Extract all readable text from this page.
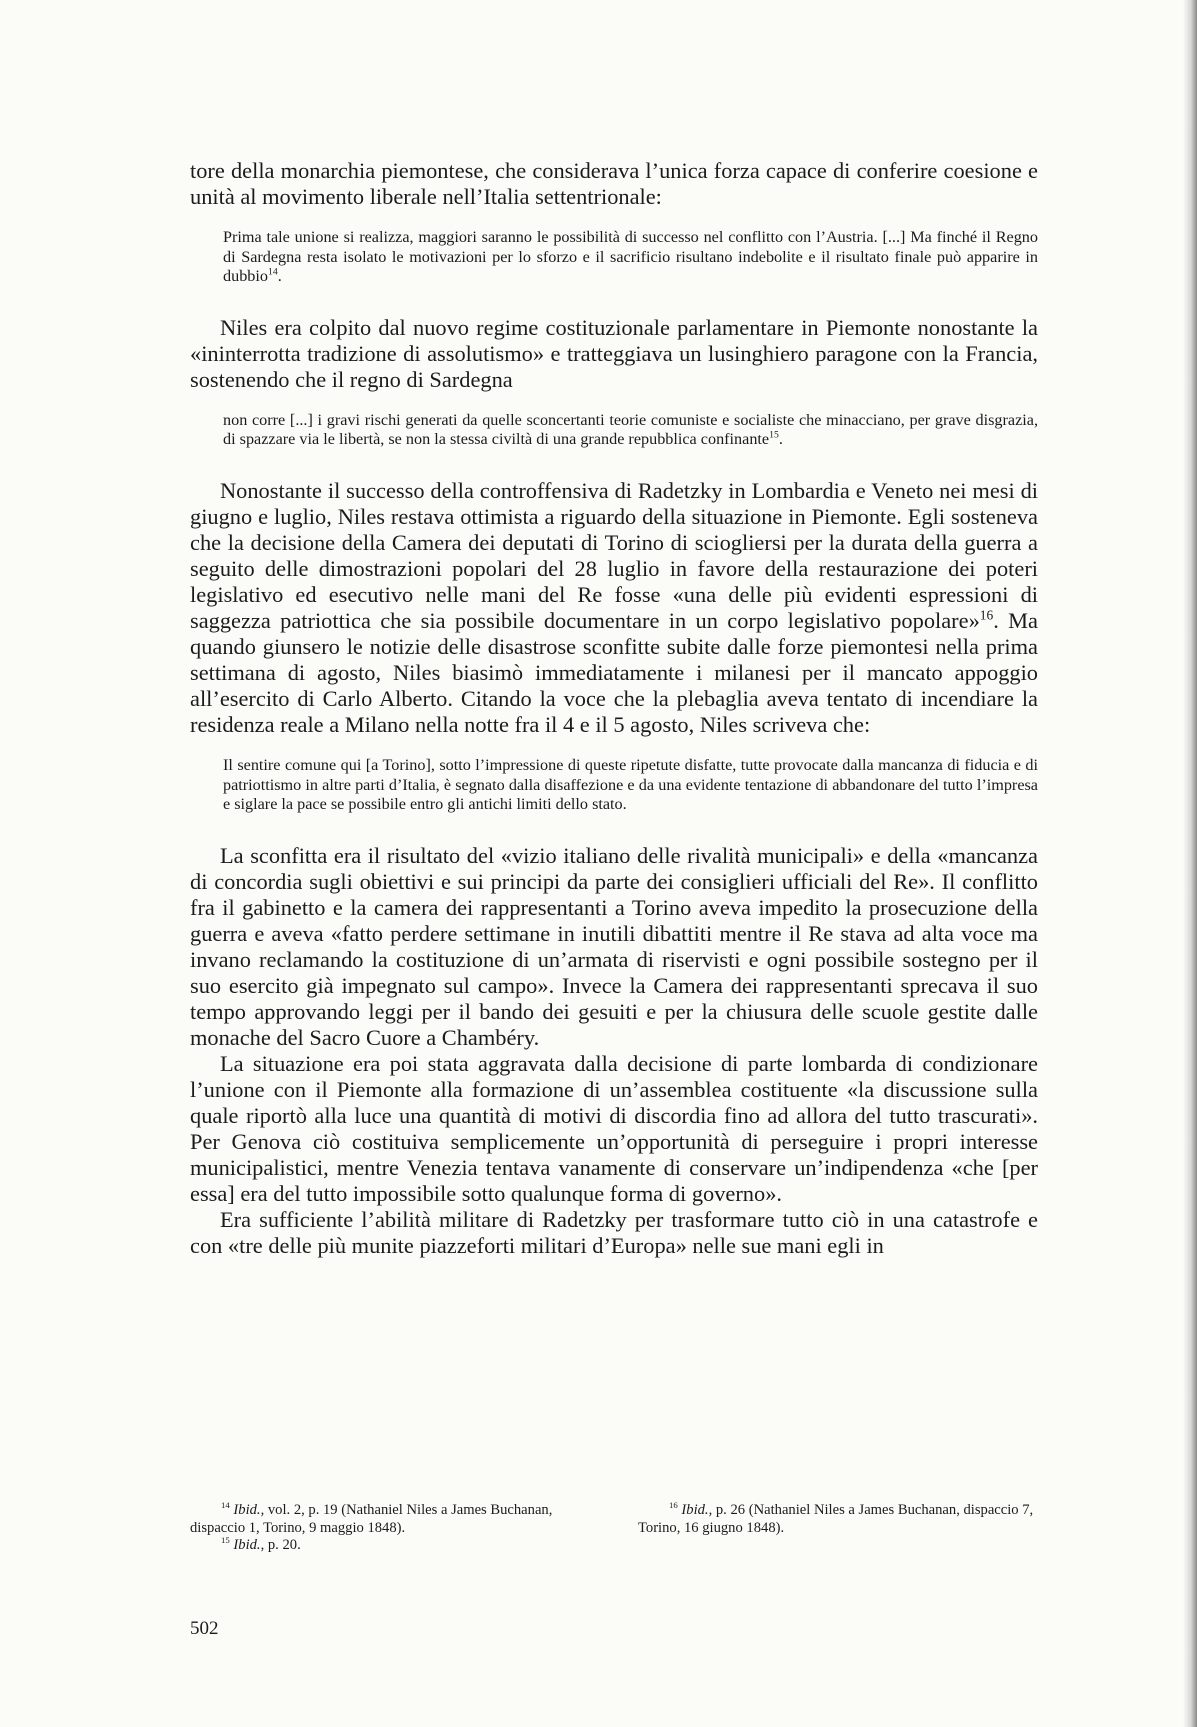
tore della monarchia piemontese, che considerava l’unica forza capace di conferire coesione e unità al movimento liberale nell’Italia settentrionale:

Prima tale unione si realizza, maggiori saranno le possibilità di successo nel conflitto con l’Austria. [...] Ma finché il Regno di Sardegna resta isolato le motivazioni per lo sforzo e il sacrificio risultano indebolite e il risultato finale può apparire in dubbio$^{14}$.

Niles era colpito dal nuovo regime costituzionale parlamentare in Piemonte nonostante la «ininterrotta tradizione di assolutismo» e tratteggiava un lusinghiero paragone con la Francia, sostenendo che il regno di Sardegna

non corre [...] i gravi rischi generati da quelle sconcertanti teorie comuniste e socialiste che minacciano, per grave disgrazia, di spazzare via le libertà, se non la stessa civiltà di una grande repubblica confinante$^{15}$.

Nonostante il successo della controffensiva di Radetzky in Lombardia e Veneto nei mesi di giugno e luglio, Niles restava ottimista a riguardo della situazione in Piemonte. Egli sosteneva che la decisione della Camera dei deputati di Torino di sciogliersi per la durata della guerra a seguito delle dimostrazioni popolari del 28 luglio in favore della restaurazione dei poteri legislativo ed esecutivo nelle mani del Re fosse «una delle più evidenti espressioni di saggezza patriottica che sia possibile documentare in un corpo legislativo popolare»$^{16}$. Ma quando giunsero le notizie delle disastrose sconfitte subite dalle forze piemontesi nella prima settimana di agosto, Niles biasimò immediatamente i milanesi per il mancato appoggio all’esercito di Carlo Alberto. Citando la voce che la plebaglia aveva tentato di incendiare la residenza reale a Milano nella notte fra il 4 e il 5 agosto, Niles scriveva che:

Il sentire comune qui [a Torino], sotto l’impressione di queste ripetute disfatte, tutte provocate dalla mancanza di fiducia e di patriottismo in altre parti d’Italia, è segnato dalla disaffezione e da una evidente tentazione di abbandonare del tutto l’impresa e siglare la pace se possibile entro gli antichi limiti dello stato.

La sconfitta era il risultato del «vizio italiano delle rivalità municipali» e della «mancanza di concordia sugli obiettivi e sui principi da parte dei consiglieri ufficiali del Re». Il conflitto fra il gabinetto e la camera dei rappresentanti a Torino aveva impedito la prosecuzione della guerra e aveva «fatto perdere settimane in inutili dibattiti mentre il Re stava ad alta voce ma invano reclamando la costituzione di un’armata di riservisti e ogni possibile sostegno per il suo esercito già impegnato sul campo». Invece la Camera dei rappresentanti sprecava il suo tempo approvando leggi per il bando dei gesuiti e per la chiusura delle scuole gestite dalle monache del Sacro Cuore a Chambéry.

La situazione era poi stata aggravata dalla decisione di parte lombarda di condizionare l’unione con il Piemonte alla formazione di un’assemblea costituente «la discussione sulla quale riportò alla luce una quantità di motivi di discordia fino ad allora del tutto trascurati». Per Genova ciò costituiva semplicemente un’opportunità di perseguire i propri interesse municipalistici, mentre Venezia tentava vanamente di conservare un’indipendenza «che [per essa] era del tutto impossibile sotto qualunque forma di governo».

Era sufficiente l’abilità militare di Radetzky per trasformare tutto ciò in una catastrofe e con «tre delle più munite piazzeforti militari d’Europa» nelle sue mani egli in

$^{14}$ Ibid., vol. 2, p. 19 (Nathaniel Niles a James Buchanan, dispaccio 1, Torino, 9 maggio 1848).

$^{15}$ Ibid., p. 20.

$^{16}$ Ibid., p. 26 (Nathaniel Niles a James Buchanan, dispaccio 7, Torino, 16 giugno 1848).

502
